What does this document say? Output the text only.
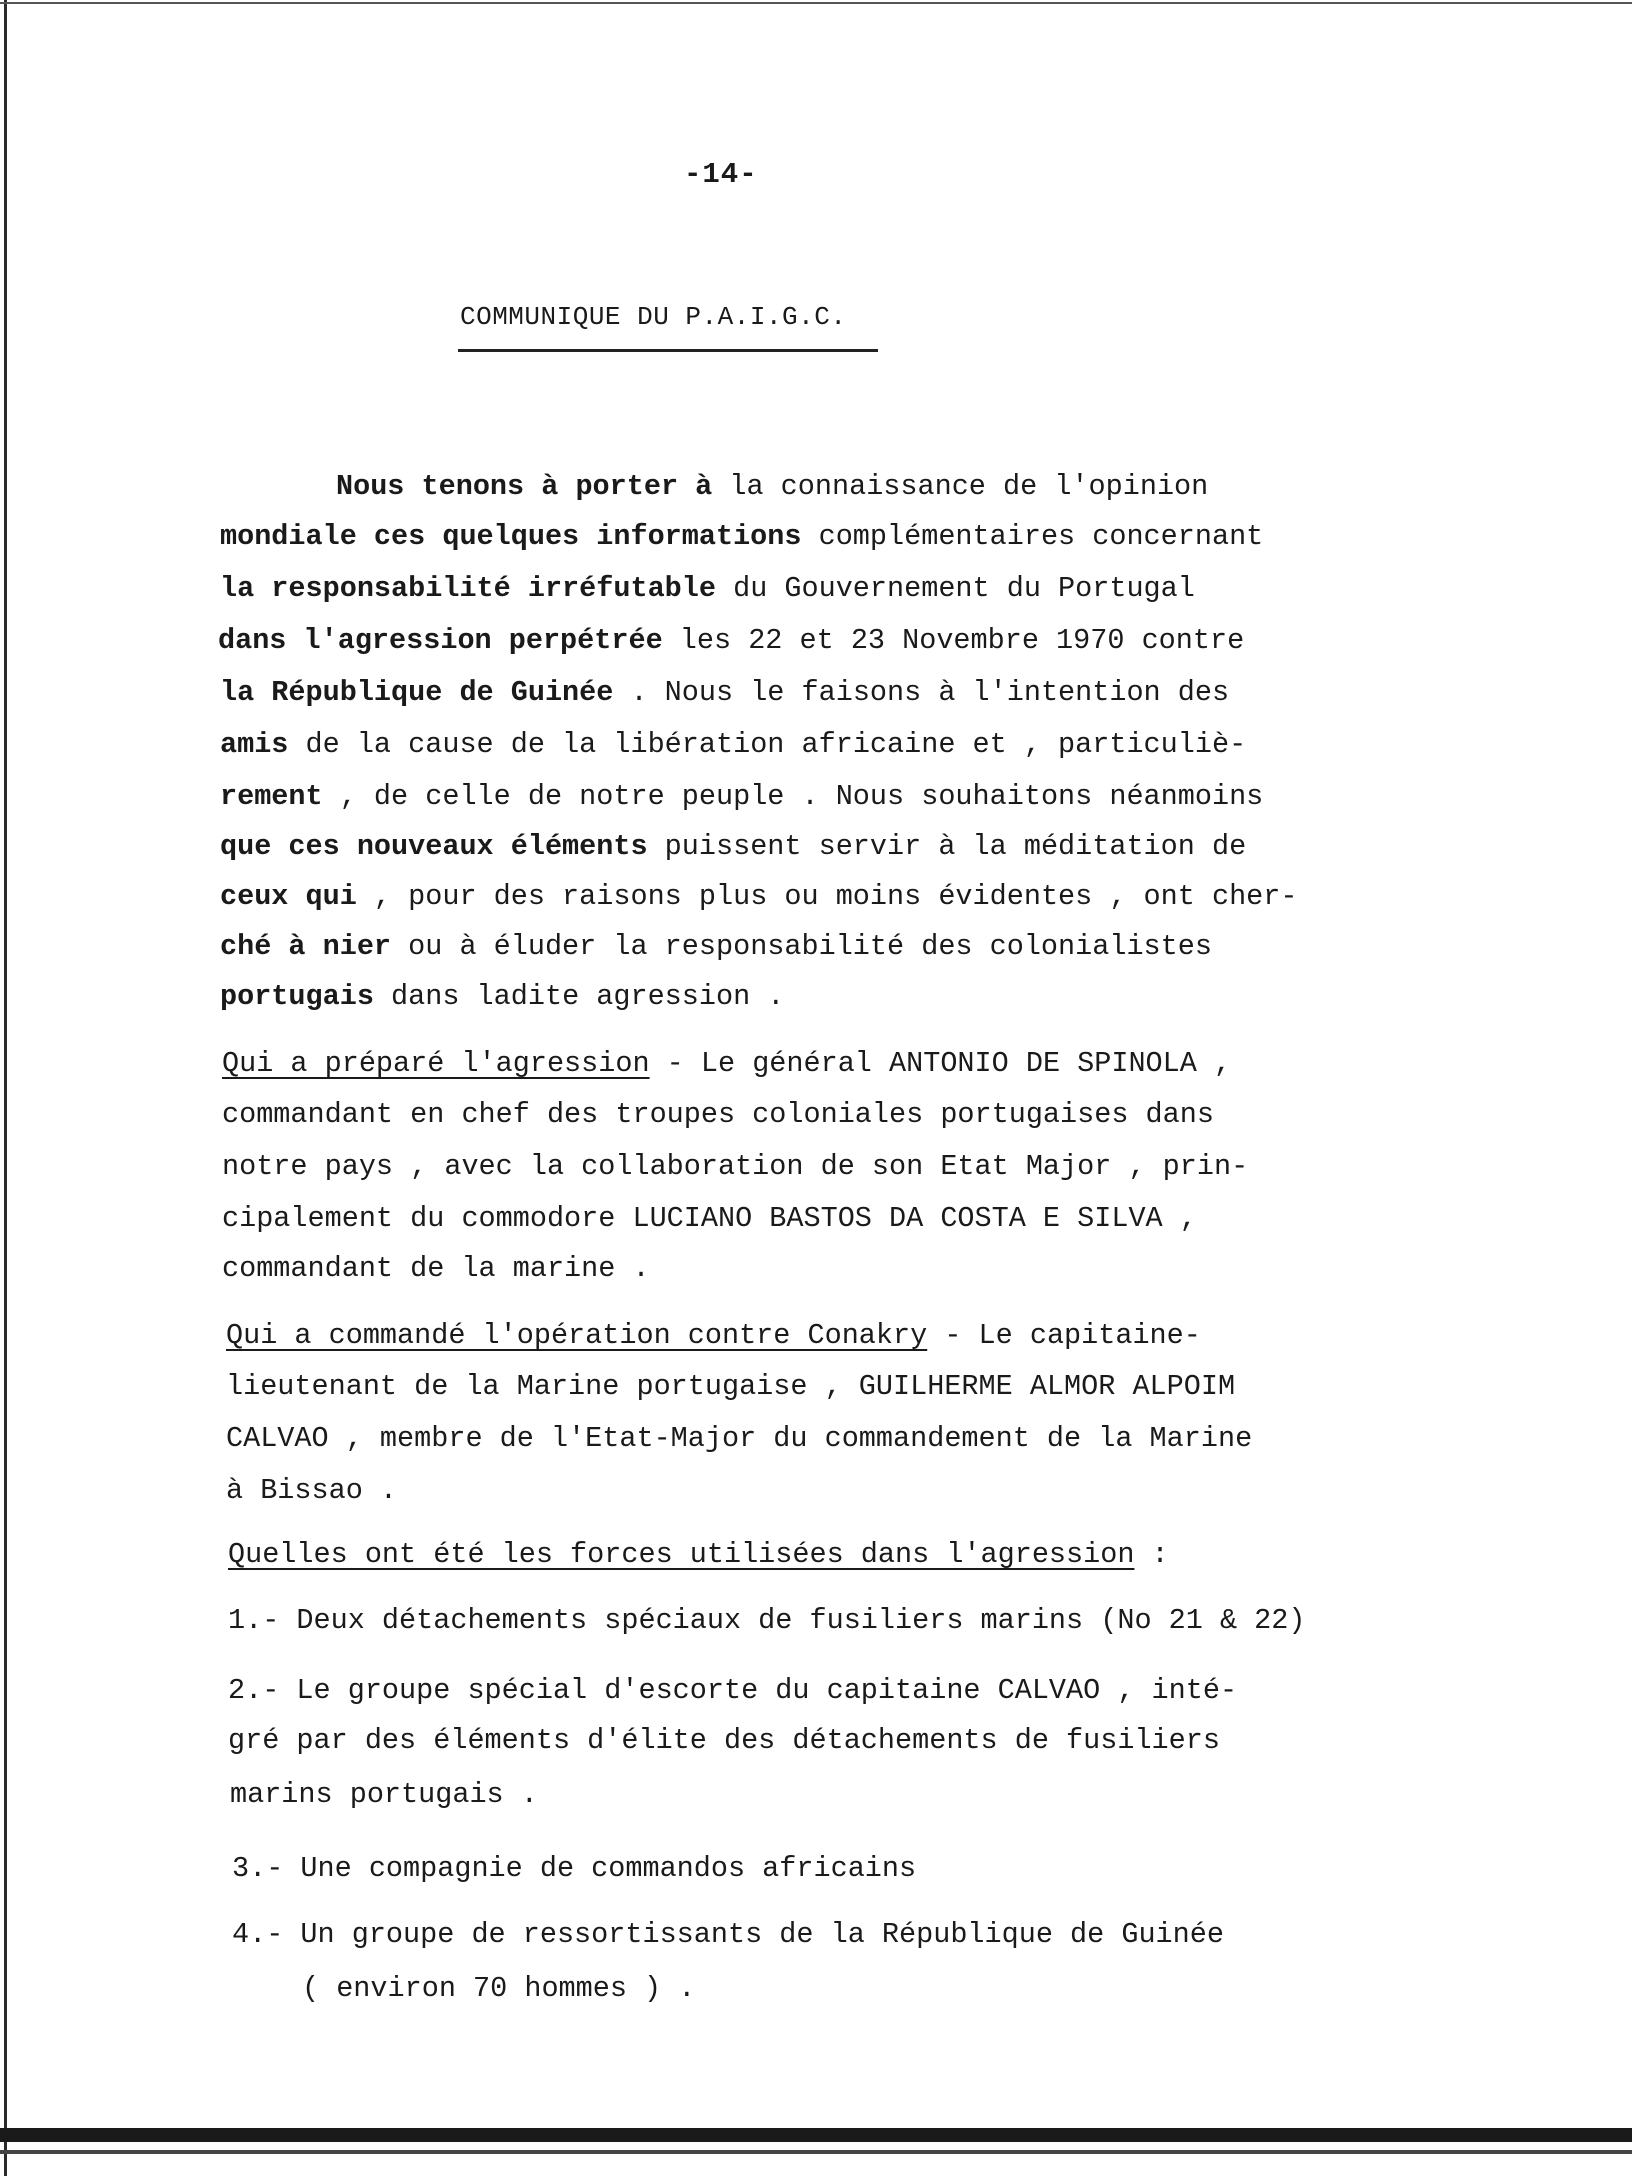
-14-
COMMUNIQUE DU P.A.I.G.C.
Nous tenons à porter à la connaissance de l'opinion
mondiale ces quelques informations complémentaires concernant
la responsabilité irréfutable du Gouvernement du Portugal
dans l'agression perpétrée les 22 et 23 Novembre 1970 contre
la République de Guinée . Nous le faisons à l'intention des
amis de la cause de la libération africaine et , particuliè-
rement , de celle de notre peuple . Nous souhaitons néanmoins
que ces nouveaux éléments puissent servir à la méditation de
ceux qui , pour des raisons plus ou moins évidentes , ont cher-
ché à nier ou à éluder la responsabilité des colonialistes
portugais dans ladite agression .
Qui a préparé l'agression - Le général ANTONIO DE SPINOLA ,
commandant en chef des troupes coloniales portugaises dans
notre pays , avec la collaboration de son Etat Major , prin-
cipalement du commodore LUCIANO BASTOS DA COSTA E SILVA ,
commandant de la marine .
Qui a commandé l'opération contre Conakry - Le capitaine-
lieutenant de la Marine portugaise , GUILHERME ALMOR ALPOIM
CALVAO , membre de l'Etat-Major du commandement de la Marine
à Bissao .
Quelles ont été les forces utilisées dans l'agression :
1.- Deux détachements spéciaux de fusiliers marins (No 21 & 22)
2.- Le groupe spécial d'escorte du capitaine CALVAO , inté-
gré par des éléments d'élite des détachements de fusiliers
marins portugais .
3.- Une compagnie de commandos africains
4.- Un groupe de ressortissants de la République de Guinée
( environ 70 hommes ) .
